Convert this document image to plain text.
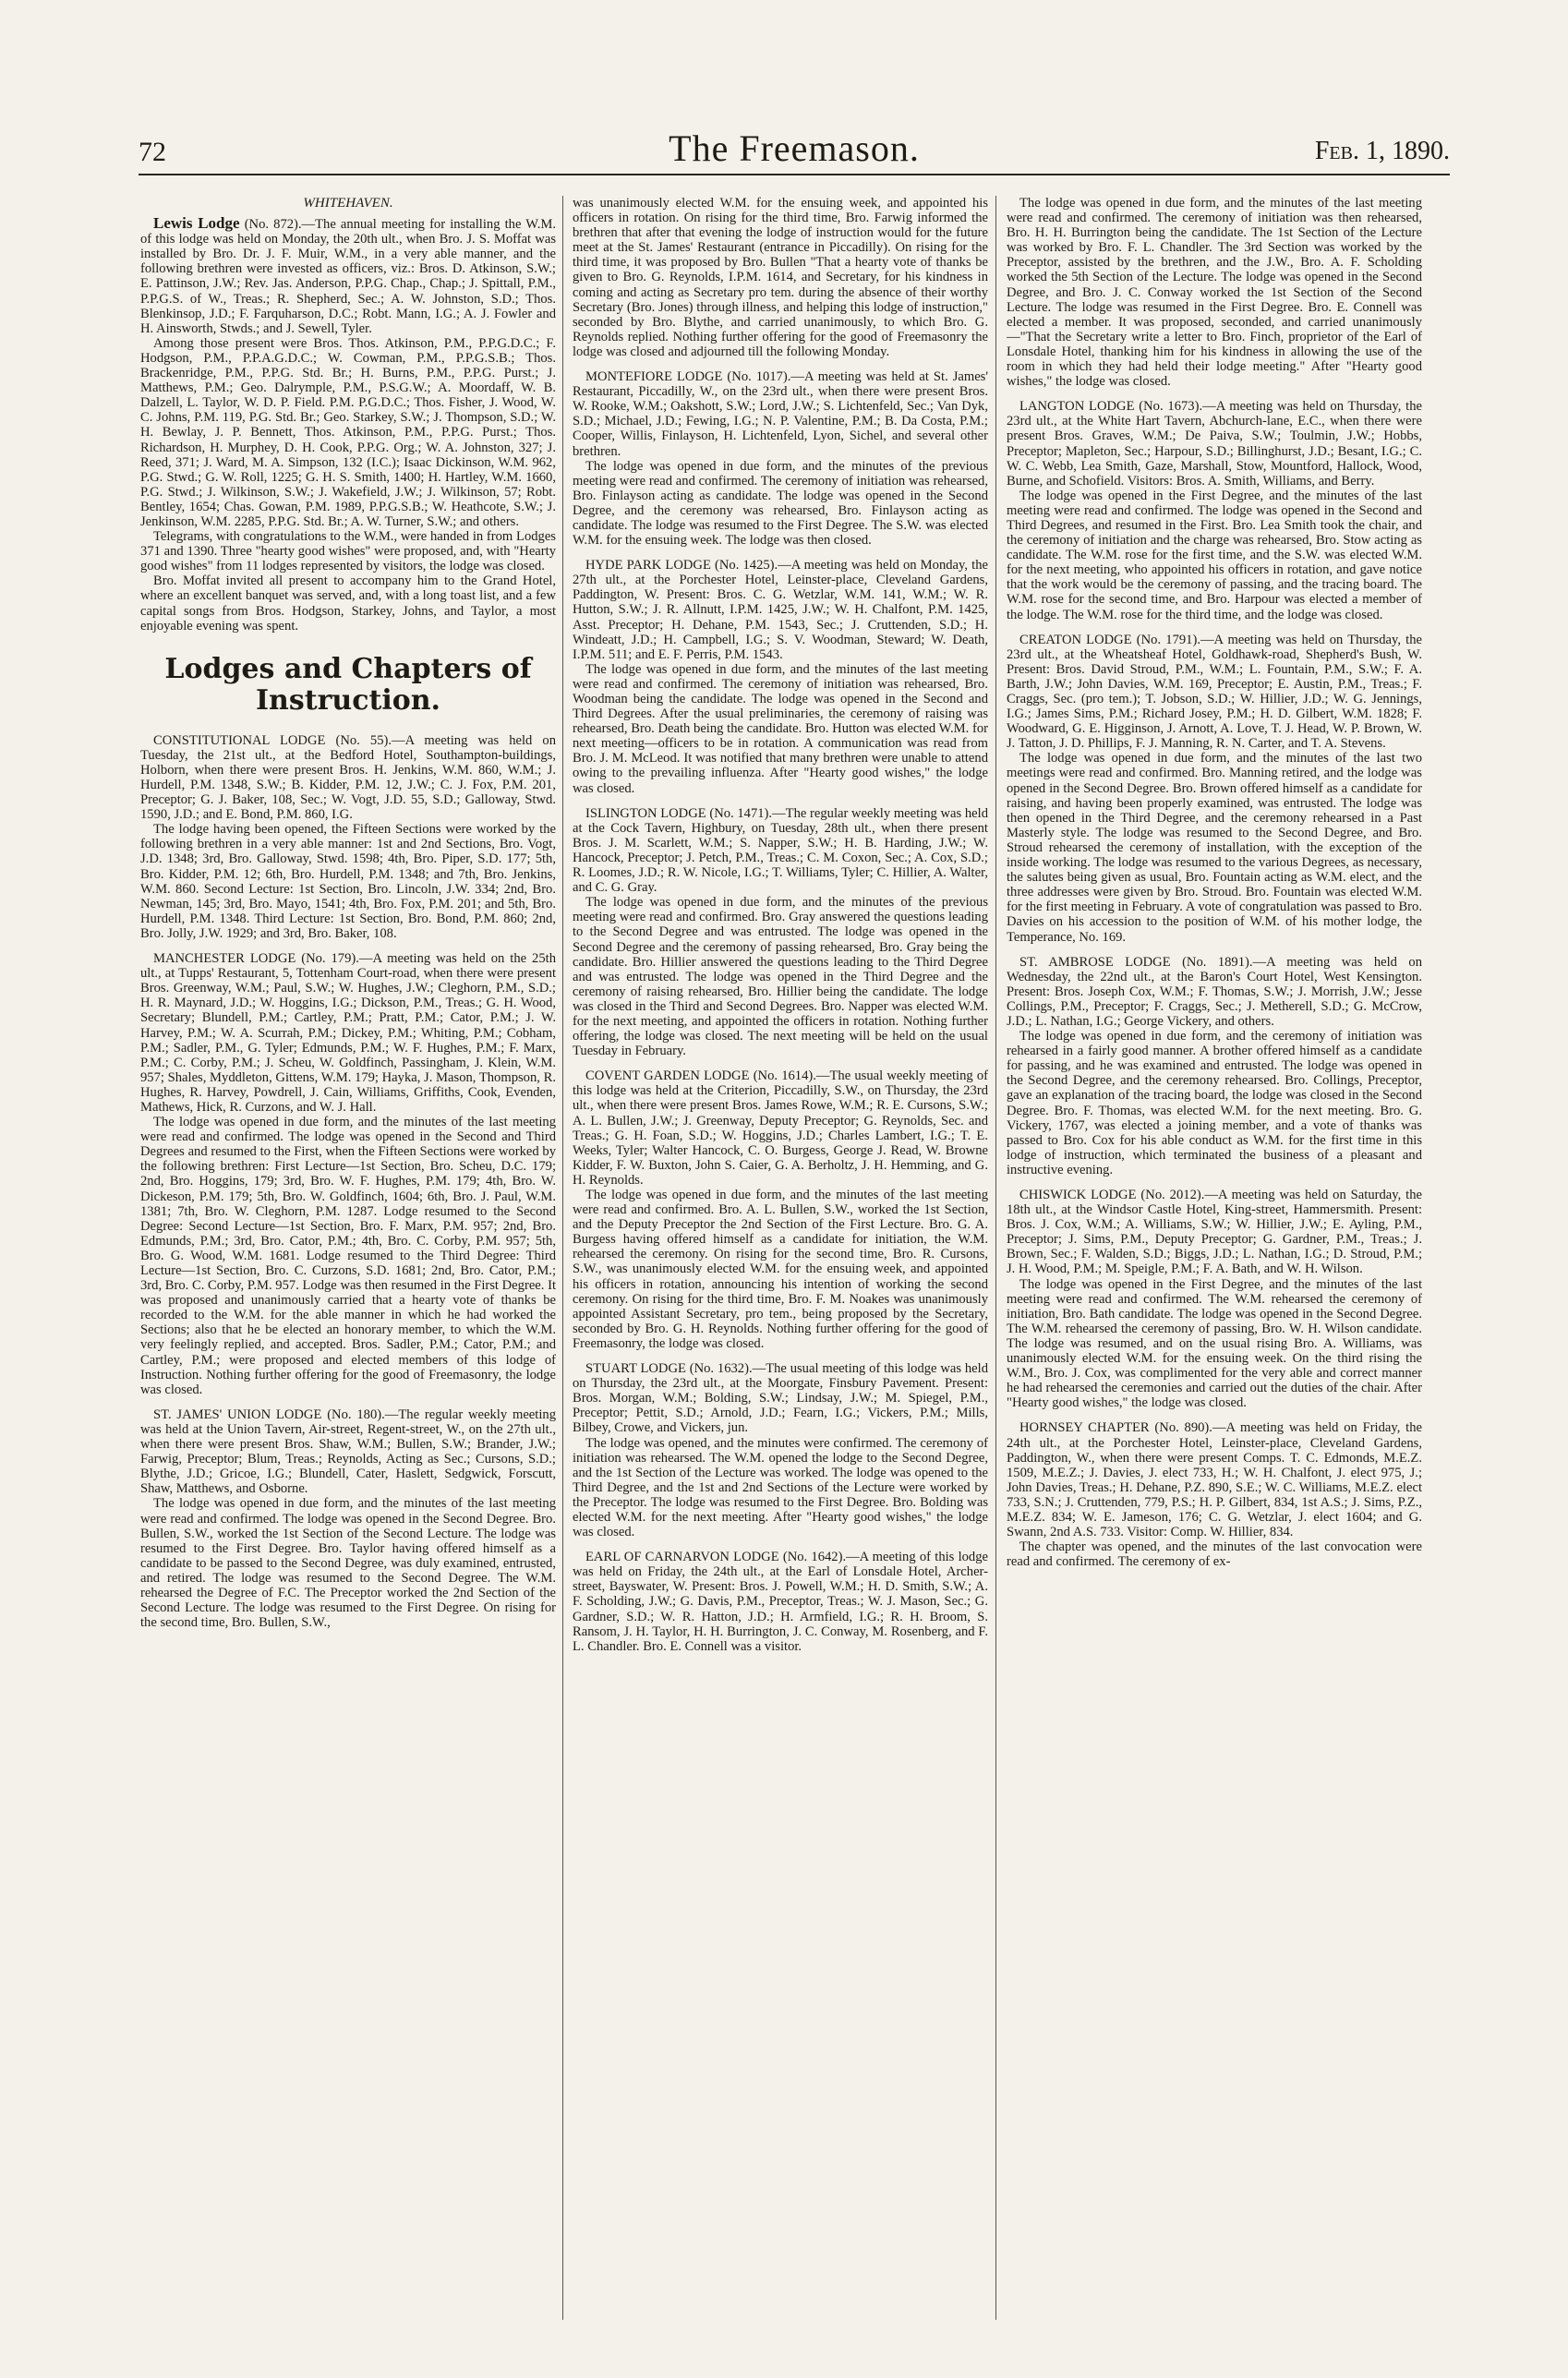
72	The Freemason.	Feb. 1, 1890.

WHITEHAVEN.

Lewis Lodge (No. 872).—The annual meeting for installing the W.M. of this lodge was held on Monday, the 20th ult., when Bro. J. S. Moffat was installed by Bro. Dr. J. F. Muir, W.M., in a very able manner, and the following brethren were invested as officers, viz.: Bros. D. Atkinson, S.W.; E. Pattinson, J.W.; Rev. Jas. Anderson, P.P.G. Chap., Chap.; J. Spittall, P.M., P.P.G.S. of W., Treas.; R. Shepherd, Sec.; A. W. Johnston, S.D.; Thos. Blenkinsop, J.D.; F. Farquharson, D.C.; Robt. Mann, I.G.; A. J. Fowler and H. Ainsworth, Stwds.; and J. Sewell, Tyler.

Among those present were Bros. Thos. Atkinson, P.M., P.P.G.D.C.; F. Hodgson, P.M., P.P.A.G.D.C.; W. Cowman, P.M., P.P.G.S.B.; Thos. Brackenridge, P.M., P.P.G. Std. Br.; H. Burns, P.M., P.P.G. Purst.; J. Matthews, P.M.; Geo. Dalrymple, P.M., P.S.G.W.; A. Moordaff, W. B. Dalzell, L. Taylor, W. D. P. Field. P.M. P.G.D.C.; Thos. Fisher, J. Wood, W. C. Johns, P.M. 119, P.G. Std. Br.; Geo. Starkey, S.W.; J. Thompson, S.D.; W. H. Bewlay, J. P. Bennett, Thos. Atkinson, P.M., P.P.G. Purst.; Thos. Richardson, H. Murphey, D. H. Cook, P.P.G. Org.; W. A. Johnston, 327; J. Reed, 371; J. Ward, M. A. Simpson, 132 (I.C.); Isaac Dickinson, W.M. 962, P.G. Stwd.; G. W. Roll, 1225; G. H. S. Smith, 1400; H. Hartley, W.M. 1660, P.G. Stwd.; J. Wilkinson, S.W.; J. Wakefield, J.W.; J. Wilkinson, 57; Robt. Bentley, 1654; Chas. Gowan, P.M. 1989, P.P.G.S.B.; W. Heathcote, S.W.; J. Jenkinson, W.M. 2285, P.P.G. Std. Br.; A. W. Turner, S.W.; and others.

Telegrams, with congratulations to the W.M., were handed in from Lodges 371 and 1390. Three "hearty good wishes" were proposed, and, with "Hearty good wishes" from 11 lodges represented by visitors, the lodge was closed.

Bro. Moffat invited all present to accompany him to the Grand Hotel, where an excellent banquet was served, and, with a long toast list, and a few capital songs from Bros. Hodgson, Starkey, Johns, and Taylor, a most enjoyable evening was spent.

Lodges and Chapters of Instruction.

CONSTITUTIONAL LODGE (No. 55).—A meeting was held on Tuesday, the 21st ult., at the Bedford Hotel, Southampton-buildings, Holborn, when there were present Bros. H. Jenkins, W.M. 860, W.M.; J. Hurdell, P.M. 1348, S.W.; B. Kidder, P.M. 12, J.W.; C. J. Fox, P.M. 201, Preceptor; G. J. Baker, 108, Sec.; W. Vogt, J.D. 55, S.D.; Galloway, Stwd. 1590, J.D.; and E. Bond, P.M. 860, I.G.

The lodge having been opened, the Fifteen Sections were worked by the following brethren in a very able manner: 1st and 2nd Sections, Bro. Vogt, J.D. 1348; 3rd, Bro. Galloway, Stwd. 1598; 4th, Bro. Piper, S.D. 177; 5th, Bro. Kidder, P.M. 12; 6th, Bro. Hurdell, P.M. 1348; and 7th, Bro. Jenkins, W.M. 860. Second Lecture: 1st Section, Bro. Lincoln, J.W. 334; 2nd, Bro. Newman, 145; 3rd, Bro. Mayo, 1541; 4th, Bro. Fox, P.M. 201; and 5th, Bro. Hurdell, P.M. 1348. Third Lecture: 1st Section, Bro. Bond, P.M. 860; 2nd, Bro. Jolly, J.W. 1929; and 3rd, Bro. Baker, 108.

MANCHESTER LODGE (No. 179).—A meeting was held on the 25th ult., at Tupps' Restaurant, 5, Tottenham Court-road, when there were present Bros. Greenway, W.M.; Paul, S.W.; W. Hughes, J.W.; Cleghorn, P.M., S.D.; H. R. Maynard, J.D.; W. Hoggins, I.G.; Dickson, P.M., Treas.; G. H. Wood, Secretary; Blundell, P.M.; Cartley, P.M.; Pratt, P.M.; Cator, P.M.; J. W. Harvey, P.M.; W. A. Scurrah, P.M.; Dickey, P.M.; Whiting, P.M.; Cobham, P.M.; Sadler, P.M., G. Tyler; Edmunds, P.M.; W. F. Hughes, P.M.; F. Marx, P.M.; C. Corby, P.M.; J. Scheu, W. Goldfinch, Passingham, J. Klein, W.M. 957; Shales, Myddleton, Gittens, W.M. 179; Hayka, J. Mason, Thompson, R. Hughes, R. Harvey, Powdrell, J. Cain, Williams, Griffiths, Cook, Evenden, Mathews, Hick, R. Curzons, and W. J. Hall.

The lodge was opened in due form, and the minutes of the last meeting were read and confirmed. The lodge was opened in the Second and Third Degrees and resumed to the First, when the Fifteen Sections were worked by the following brethren: First Lecture—1st Section, Bro. Scheu, D.C. 179; 2nd, Bro. Hoggins, 179; 3rd, Bro. W. F. Hughes, P.M. 179; 4th, Bro. W. Dickeson, P.M. 179; 5th, Bro. W. Goldfinch, 1604; 6th, Bro. J. Paul, W.M. 1381; 7th, Bro. W. Cleghorn, P.M. 1287. Lodge resumed to the Second Degree: Second Lecture—1st Section, Bro. F. Marx, P.M. 957; 2nd, Bro. Edmunds, P.M.; 3rd, Bro. Cator, P.M.; 4th, Bro. C. Corby, P.M. 957; 5th, Bro. G. Wood, W.M. 1681. Lodge resumed to the Third Degree: Third Lecture—1st Section, Bro. C. Curzons, S.D. 1681; 2nd, Bro. Cator, P.M.; 3rd, Bro. C. Corby, P.M. 957. Lodge was then resumed in the First Degree. It was proposed and unanimously carried that a hearty vote of thanks be recorded to the W.M. for the able manner in which he had worked the Sections; also that he be elected an honorary member, to which the W.M. very feelingly replied, and accepted. Bros. Sadler, P.M.; Cator, P.M.; and Cartley, P.M.; were proposed and elected members of this lodge of Instruction. Nothing further offering for the good of Freemasonry, the lodge was closed.

ST. JAMES' UNION LODGE (No. 180).—The regular weekly meeting was held at the Union Tavern, Air-street, Regent-street, W., on the 27th ult., when there were present Bros. Shaw, W.M.; Bullen, S.W.; Brander, J.W.; Farwig, Preceptor; Blum, Treas.; Reynolds, Acting as Sec.; Cursons, S.D.; Blythe, J.D.; Gricoe, I.G.; Blundell, Cater, Haslett, Sedgwick, Forscutt, Shaw, Matthews, and Osborne.

The lodge was opened in due form, and the minutes of the last meeting were read and confirmed. The lodge was opened in the Second Degree. Bro. Bullen, S.W., worked the 1st Section of the Second Lecture. The lodge was resumed to the First Degree. Bro. Taylor having offered himself as a candidate to be passed to the Second Degree, was duly examined, entrusted, and retired. The lodge was resumed to the Second Degree. The W.M. rehearsed the Degree of F.C. The Preceptor worked the 2nd Section of the Second Lecture. The lodge was resumed to the First Degree. On rising for the second time, Bro. Bullen, S.W.,

was unanimously elected W.M. for the ensuing week, and appointed his officers in rotation. On rising for the third time, Bro. Farwig informed the brethren that after that evening the lodge of instruction would for the future meet at the St. James' Restaurant (entrance in Piccadilly). On rising for the third time, it was proposed by Bro. Bullen "That a hearty vote of thanks be given to Bro. G. Reynolds, I.P.M. 1614, and Secretary, for his kindness in coming and acting as Secretary pro tem. during the absence of their worthy Secretary (Bro. Jones) through illness, and helping this lodge of instruction," seconded by Bro. Blythe, and carried unanimously, to which Bro. G. Reynolds replied. Nothing further offering for the good of Freemasonry the lodge was closed and adjourned till the following Monday.

MONTEFIORE LODGE (No. 1017).—A meeting was held at St. James' Restaurant, Piccadilly, W., on the 23rd ult., when there were present Bros. W. Rooke, W.M.; Oakshott, S.W.; Lord, J.W.; S. Lichtenfeld, Sec.; Van Dyk, S.D.; Michael, J.D.; Fewing, I.G.; N. P. Valentine, P.M.; B. Da Costa, P.M.; Cooper, Willis, Finlayson, H. Lichtenfeld, Lyon, Sichel, and several other brethren.

The lodge was opened in due form, and the minutes of the previous meeting were read and confirmed. The ceremony of initiation was rehearsed, Bro. Finlayson acting as candidate. The lodge was opened in the Second Degree, and the ceremony was rehearsed, Bro. Finlayson acting as candidate. The lodge was resumed to the First Degree. The S.W. was elected W.M. for the ensuing week. The lodge was then closed.

HYDE PARK LODGE (No. 1425).—A meeting was held on Monday, the 27th ult., at the Porchester Hotel, Leinster-place, Cleveland Gardens, Paddington, W. Present: Bros. C. G. Wetzlar, W.M. 141, W.M.; W. R. Hutton, S.W.; J. R. Allnutt, I.P.M. 1425, J.W.; W. H. Chalfont, P.M. 1425, Asst. Preceptor; H. Dehane, P.M. 1543, Sec.; J. Cruttenden, S.D.; H. Windeatt, J.D.; H. Campbell, I.G.; S. V. Woodman, Steward; W. Death, I.P.M. 511; and E. F. Perris, P.M. 1543.

The lodge was opened in due form, and the minutes of the last meeting were read and confirmed. The ceremony of initiation was rehearsed, Bro. Woodman being the candidate. The lodge was opened in the Second and Third Degrees. After the usual preliminaries, the ceremony of raising was rehearsed, Bro. Death being the candidate. Bro. Hutton was elected W.M. for next meeting—officers to be in rotation. A communication was read from Bro. J. M. McLeod. It was notified that many brethren were unable to attend owing to the prevailing influenza. After "Hearty good wishes," the lodge was closed.

ISLINGTON LODGE (No. 1471).—The regular weekly meeting was held at the Cock Tavern, Highbury, on Tuesday, 28th ult., when there present Bros. J. M. Scarlett, W.M.; S. Napper, S.W.; H. B. Harding, J.W.; W. Hancock, Preceptor; J. Petch, P.M., Treas.; C. M. Coxon, Sec.; A. Cox, S.D.; R. Loomes, J.D.; R. W. Nicole, I.G.; T. Williams, Tyler; C. Hillier, A. Walter, and C. G. Gray.

The lodge was opened in due form, and the minutes of the previous meeting were read and confirmed. Bro. Gray answered the questions leading to the Second Degree and was entrusted. The lodge was opened in the Second Degree and the ceremony of passing rehearsed, Bro. Gray being the candidate. Bro. Hillier answered the questions leading to the Third Degree and was entrusted. The lodge was opened in the Third Degree and the ceremony of raising rehearsed, Bro. Hillier being the candidate. The lodge was closed in the Third and Second Degrees. Bro. Napper was elected W.M. for the next meeting, and appointed the officers in rotation. Nothing further offering, the lodge was closed. The next meeting will be held on the usual Tuesday in February.

COVENT GARDEN LODGE (No. 1614).—The usual weekly meeting of this lodge was held at the Criterion, Piccadilly, S.W., on Thursday, the 23rd ult., when there were present Bros. James Rowe, W.M.; R. E. Cursons, S.W.; A. L. Bullen, J.W.; J. Greenway, Deputy Preceptor; G. Reynolds, Sec. and Treas.; G. H. Foan, S.D.; W. Hoggins, J.D.; Charles Lambert, I.G.; T. E. Weeks, Tyler; Walter Hancock, C. O. Burgess, George J. Read, W. Browne Kidder, F. W. Buxton, John S. Caier, G. A. Berholtz, J. H. Hemming, and G. H. Reynolds.

The lodge was opened in due form, and the minutes of the last meeting were read and confirmed. Bro. A. L. Bullen, S.W., worked the 1st Section, and the Deputy Preceptor the 2nd Section of the First Lecture. Bro. G. A. Burgess having offered himself as a candidate for initiation, the W.M. rehearsed the ceremony. On rising for the second time, Bro. R. Cursons, S.W., was unanimously elected W.M. for the ensuing week, and appointed his officers in rotation, announcing his intention of working the second ceremony. On rising for the third time, Bro. F. M. Noakes was unanimously appointed Assistant Secretary, pro tem., being proposed by the Secretary, seconded by Bro. G. H. Reynolds. Nothing further offering for the good of Freemasonry, the lodge was closed.

STUART LODGE (No. 1632).—The usual meeting of this lodge was held on Thursday, the 23rd ult., at the Moorgate, Finsbury Pavement. Present: Bros. Morgan, W.M.; Bolding, S.W.; Lindsay, J.W.; M. Spiegel, P.M., Preceptor; Pettit, S.D.; Arnold, J.D.; Fearn, I.G.; Vickers, P.M.; Mills, Bilbey, Crowe, and Vickers, jun.

The lodge was opened, and the minutes were confirmed. The ceremony of initiation was rehearsed. The W.M. opened the lodge to the Second Degree, and the 1st Section of the Lecture was worked. The lodge was opened to the Third Degree, and the 1st and 2nd Sections of the Lecture were worked by the Preceptor. The lodge was resumed to the First Degree. Bro. Bolding was elected W.M. for the next meeting. After "Hearty good wishes," the lodge was closed.

EARL OF CARNARVON LODGE (No. 1642).—A meeting of this lodge was held on Friday, the 24th ult., at the Earl of Lonsdale Hotel, Archer-street, Bayswater, W. Present: Bros. J. Powell, W.M.; H. D. Smith, S.W.; A. F. Scholding, J.W.; G. Davis, P.M., Preceptor, Treas.; W. J. Mason, Sec.; G. Gardner, S.D.; W. R. Hatton, J.D.; H. Armfield, I.G.; R. H. Broom, S. Ransom, J. H. Taylor, H. H. Burrington, J. C. Conway, M. Rosenberg, and F. L. Chandler. Bro. E. Connell was a visitor.

The lodge was opened in due form, and the minutes of the last meeting were read and confirmed. The ceremony of initiation was then rehearsed, Bro. H. H. Burrington being the candidate. The 1st Section of the Lecture was worked by Bro. F. L. Chandler. The 3rd Section was worked by the Preceptor, assisted by the brethren, and the J.W., Bro. A. F. Scholding worked the 5th Section of the Lecture. The lodge was opened in the Second Degree, and Bro. J. C. Conway worked the 1st Section of the Second Lecture. The lodge was resumed in the First Degree. Bro. E. Connell was elected a member. It was proposed, seconded, and carried unanimously—"That the Secretary write a letter to Bro. Finch, proprietor of the Earl of Lonsdale Hotel, thanking him for his kindness in allowing the use of the room in which they had held their lodge meeting." After "Hearty good wishes," the lodge was closed.

LANGTON LODGE (No. 1673).—A meeting was held on Thursday, the 23rd ult., at the White Hart Tavern, Abchurch-lane, E.C., when there were present Bros. Graves, W.M.; De Paiva, S.W.; Toulmin, J.W.; Hobbs, Preceptor; Mapleton, Sec.; Harpour, S.D.; Billinghurst, J.D.; Besant, I.G.; C. W. C. Webb, Lea Smith, Gaze, Marshall, Stow, Mountford, Hallock, Wood, Burne, and Schofield. Visitors: Bros. A. Smith, Williams, and Berry.

The lodge was opened in the First Degree, and the minutes of the last meeting were read and confirmed. The lodge was opened in the Second and Third Degrees, and resumed in the First. Bro. Lea Smith took the chair, and the ceremony of initiation and the charge was rehearsed, Bro. Stow acting as candidate. The W.M. rose for the first time, and the S.W. was elected W.M. for the next meeting, who appointed his officers in rotation, and gave notice that the work would be the ceremony of passing, and the tracing board. The W.M. rose for the second time, and Bro. Harpour was elected a member of the lodge. The W.M. rose for the third time, and the lodge was closed.

CREATON LODGE (No. 1791).—A meeting was held on Thursday, the 23rd ult., at the Wheatsheaf Hotel, Goldhawk-road, Shepherd's Bush, W. Present: Bros. David Stroud, P.M., W.M.; L. Fountain, P.M., S.W.; F. A. Barth, J.W.; John Davies, W.M. 169, Preceptor; E. Austin, P.M., Treas.; F. Craggs, Sec. (pro tem.); T. Jobson, S.D.; W. Hillier, J.D.; W. G. Jennings, I.G.; James Sims, P.M.; Richard Josey, P.M.; H. D. Gilbert, W.M. 1828; F. Woodward, G. E. Higginson, J. Arnott, A. Love, T. J. Head, W. P. Brown, W. J. Tatton, J. D. Phillips, F. J. Manning, R. N. Carter, and T. A. Stevens.

The lodge was opened in due form, and the minutes of the last two meetings were read and confirmed. Bro. Manning retired, and the lodge was opened in the Second Degree. Bro. Brown offered himself as a candidate for raising, and having been properly examined, was entrusted. The lodge was then opened in the Third Degree, and the ceremony rehearsed in a Past Masterly style. The lodge was resumed to the Second Degree, and Bro. Stroud rehearsed the ceremony of installation, with the exception of the inside working. The lodge was resumed to the various Degrees, as necessary, the salutes being given as usual, Bro. Fountain acting as W.M. elect, and the three addresses were given by Bro. Stroud. Bro. Fountain was elected W.M. for the first meeting in February. A vote of congratulation was passed to Bro. Davies on his accession to the position of W.M. of his mother lodge, the Temperance, No. 169.

ST. AMBROSE LODGE (No. 1891).—A meeting was held on Wednesday, the 22nd ult., at the Baron's Court Hotel, West Kensington. Present: Bros. Joseph Cox, W.M.; F. Thomas, S.W.; J. Morrish, J.W.; Jesse Collings, P.M., Preceptor; F. Craggs, Sec.; J. Metherell, S.D.; G. McCrow, J.D.; L. Nathan, I.G.; George Vickery, and others.

The lodge was opened in due form, and the ceremony of initiation was rehearsed in a fairly good manner. A brother offered himself as a candidate for passing, and he was examined and entrusted. The lodge was opened in the Second Degree, and the ceremony rehearsed. Bro. Collings, Preceptor, gave an explanation of the tracing board, the lodge was closed in the Second Degree. Bro. F. Thomas, was elected W.M. for the next meeting. Bro. G. Vickery, 1767, was elected a joining member, and a vote of thanks was passed to Bro. Cox for his able conduct as W.M. for the first time in this lodge of instruction, which terminated the business of a pleasant and instructive evening.

CHISWICK LODGE (No. 2012).—A meeting was held on Saturday, the 18th ult., at the Windsor Castle Hotel, King-street, Hammersmith. Present: Bros. J. Cox, W.M.; A. Williams, S.W.; W. Hillier, J.W.; E. Ayling, P.M., Preceptor; J. Sims, P.M., Deputy Preceptor; G. Gardner, P.M., Treas.; J. Brown, Sec.; F. Walden, S.D.; Biggs, J.D.; L. Nathan, I.G.; D. Stroud, P.M.; J. H. Wood, P.M.; M. Speigle, P.M.; F. A. Bath, and W. H. Wilson.

The lodge was opened in the First Degree, and the minutes of the last meeting were read and confirmed. The W.M. rehearsed the ceremony of initiation, Bro. Bath candidate. The lodge was opened in the Second Degree. The W.M. rehearsed the ceremony of passing, Bro. W. H. Wilson candidate. The lodge was resumed, and on the usual rising Bro. A. Williams, was unanimously elected W.M. for the ensuing week. On the third rising the W.M., Bro. J. Cox, was complimented for the very able and correct manner he had rehearsed the ceremonies and carried out the duties of the chair. After "Hearty good wishes," the lodge was closed.

HORNSEY CHAPTER (No. 890).—A meeting was held on Friday, the 24th ult., at the Porchester Hotel, Leinster-place, Cleveland Gardens, Paddington, W., when there were present Comps. T. C. Edmonds, M.E.Z. 1509, M.E.Z.; J. Davies, J. elect 733, H.; W. H. Chalfont, J. elect 975, J.; John Davies, Treas.; H. Dehane, P.Z. 890, S.E.; W. C. Williams, M.E.Z. elect 733, S.N.; J. Cruttenden, 779, P.S.; H. P. Gilbert, 834, 1st A.S.; J. Sims, P.Z., M.E.Z. 834; W. E. Jameson, 176; C. G. Wetzlar, J. elect 1604; and G. Swann, 2nd A.S. 733. Visitor: Comp. W. Hillier, 834.

The chapter was opened, and the minutes of the last convocation were read and confirmed. The ceremony of ex-
